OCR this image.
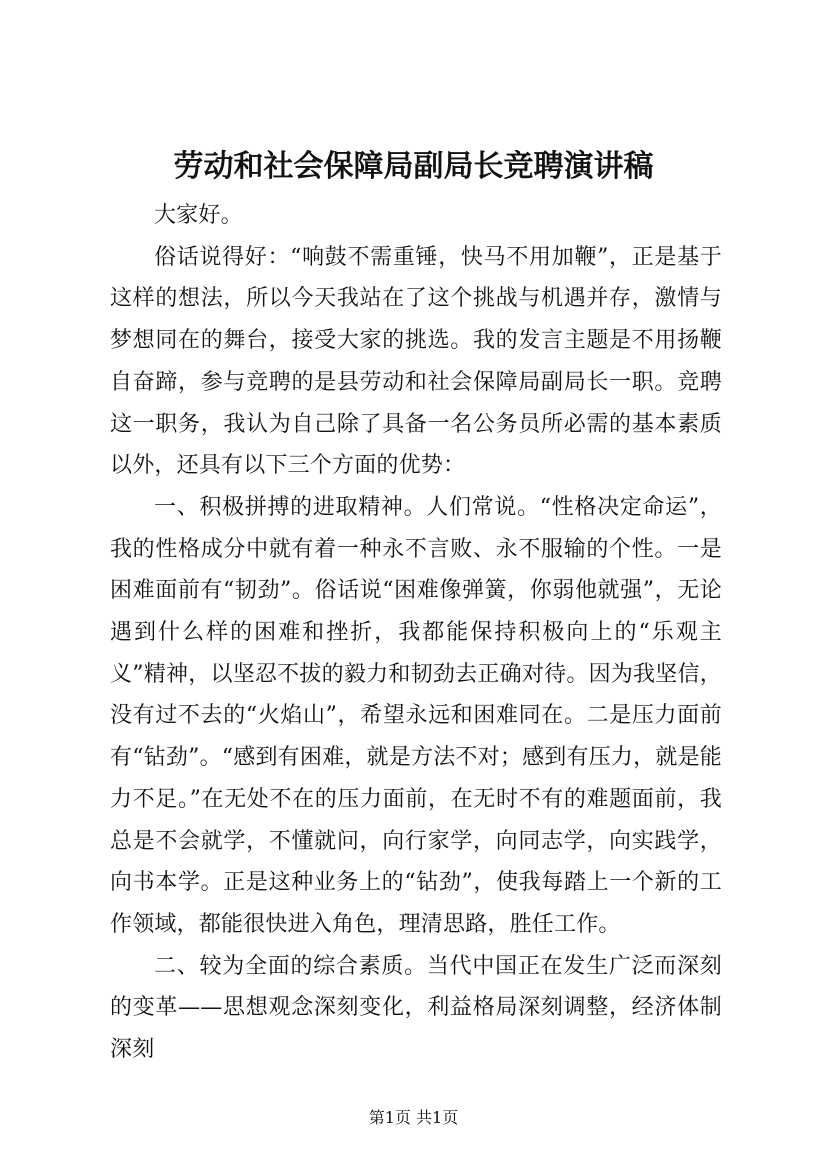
劳动和社会保障局副局长竞聘演讲稿

大家好。

俗话说得好：“响鼓不需重锤，快马不用加鞭”，正是基于这样的想法，所以今天我站在了这个挑战与机遇并存，激情与梦想同在的舞台，接受大家的挑选。我的发言主题是不用扬鞭自奋蹄，参与竞聘的是县劳动和社会保障局副局长一职。竞聘这一职务，我认为自己除了具备一名公务员所必需的基本素质以外，还具有以下三个方面的优势：

一、积极拼搏的进取精神。人们常说。“性格决定命运”，我的性格成分中就有着一种永不言败、永不服输的个性。一是困难面前有“韧劲”。俗话说“困难像弹簧，你弱他就强”，无论遇到什么样的困难和挫折，我都能保持积极向上的“乐观主义”精神，以坚忍不拔的毅力和韧劲去正确对待。因为我坚信，没有过不去的“火焰山”，希望永远和困难同在。二是压力面前有“钻劲”。“感到有困难，就是方法不对；感到有压力，就是能力不足。”在无处不在的压力面前，在无时不有的难题面前，我总是不会就学，不懂就问，向行家学，向同志学，向实践学，向书本学。正是这种业务上的“钻劲”，使我每踏上一个新的工作领域，都能很快进入角色，理清思路，胜任工作。

二、较为全面的综合素质。当代中国正在发生广泛而深刻的变革——思想观念深刻变化，利益格局深刻调整，经济体制深刻

第1页 共1页
